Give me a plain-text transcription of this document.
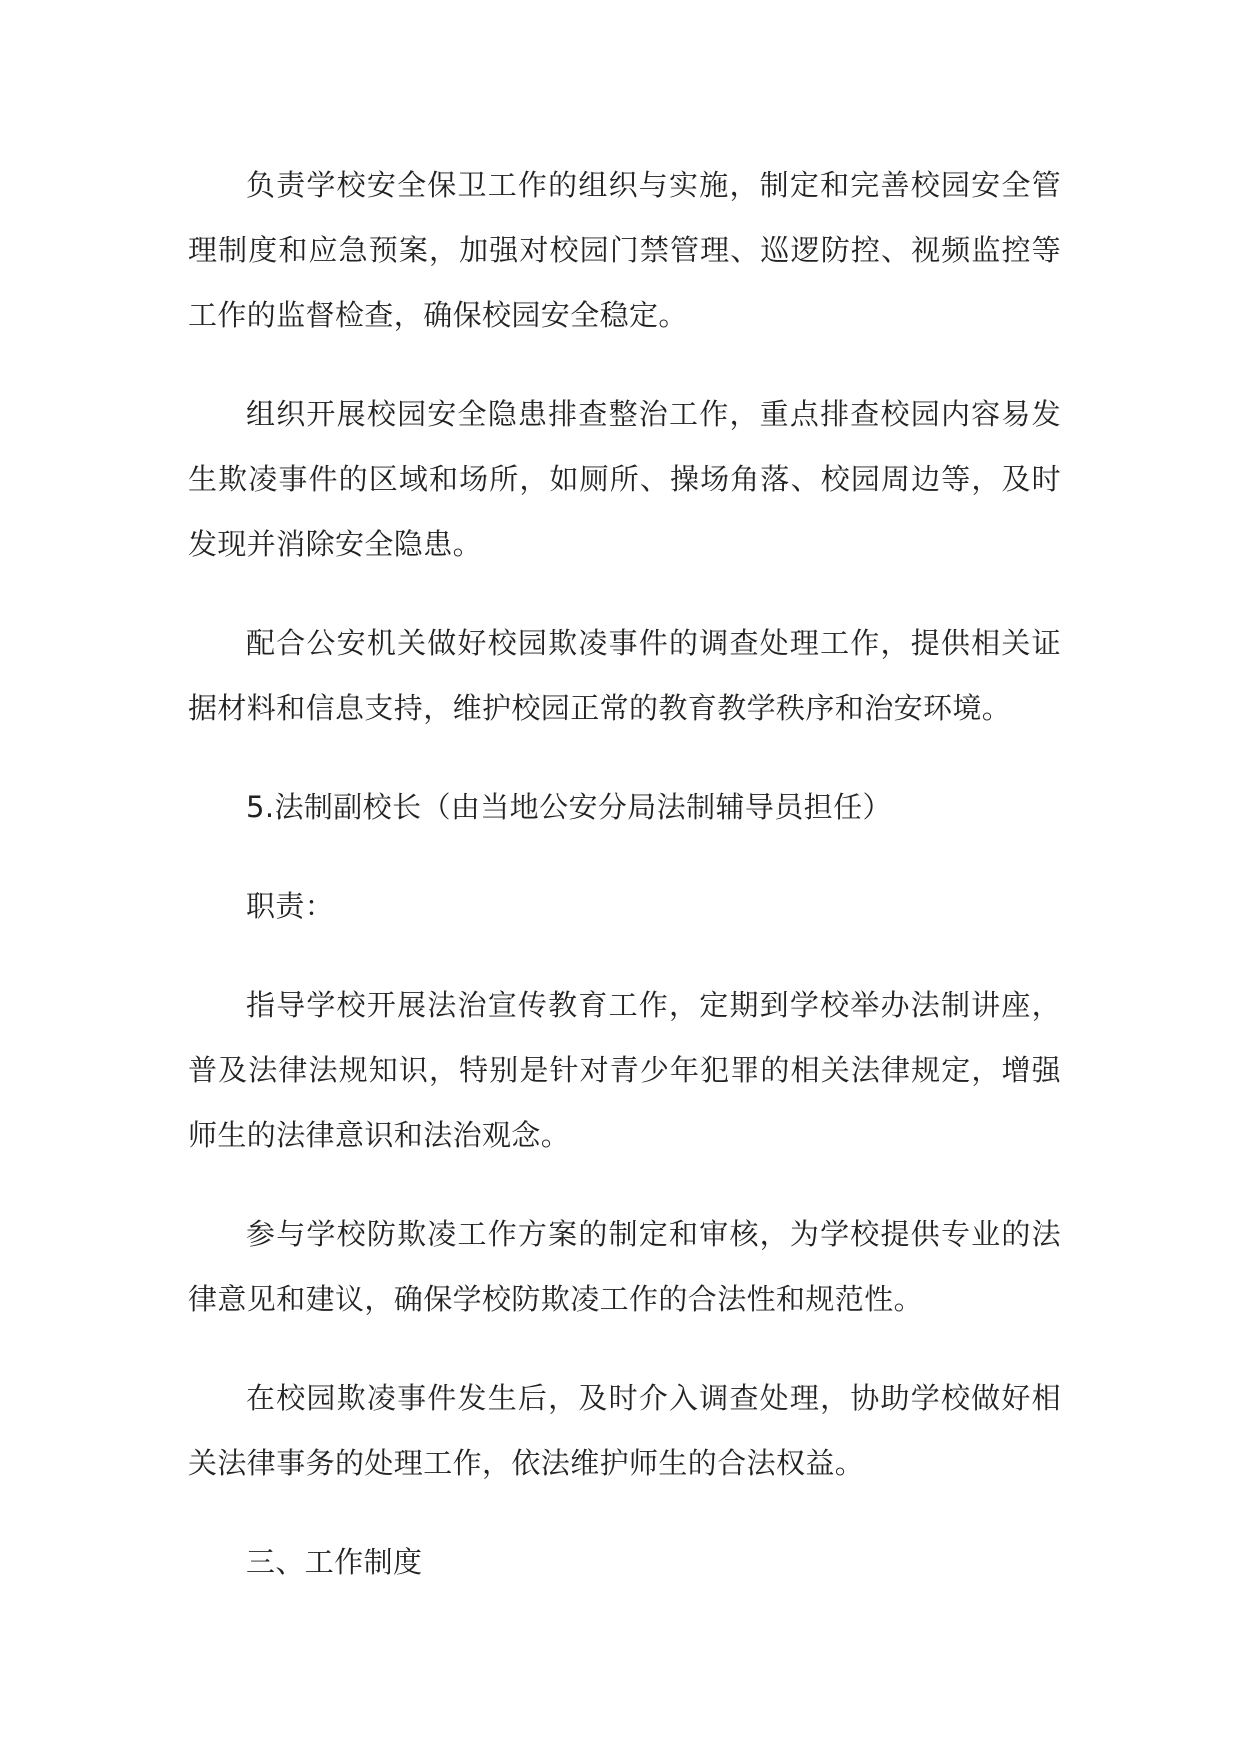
负责学校安全保卫工作的组织与实施，制定和完善校园安全管理制度和应急预案，加强对校园门禁管理、巡逻防控、视频监控等工作的监督检查，确保校园安全稳定。

组织开展校园安全隐患排查整治工作，重点排查校园内容易发生欺凌事件的区域和场所，如厕所、操场角落、校园周边等，及时发现并消除安全隐患。

配合公安机关做好校园欺凌事件的调查处理工作，提供相关证据材料和信息支持，维护校园正常的教育教学秩序和治安环境。

5.法制副校长（由当地公安分局法制辅导员担任）

职责：

指导学校开展法治宣传教育工作，定期到学校举办法制讲座，普及法律法规知识，特别是针对青少年犯罪的相关法律规定，增强师生的法律意识和法治观念。

参与学校防欺凌工作方案的制定和审核，为学校提供专业的法律意见和建议，确保学校防欺凌工作的合法性和规范性。

在校园欺凌事件发生后，及时介入调查处理，协助学校做好相关法律事务的处理工作，依法维护师生的合法权益。

三、工作制度
